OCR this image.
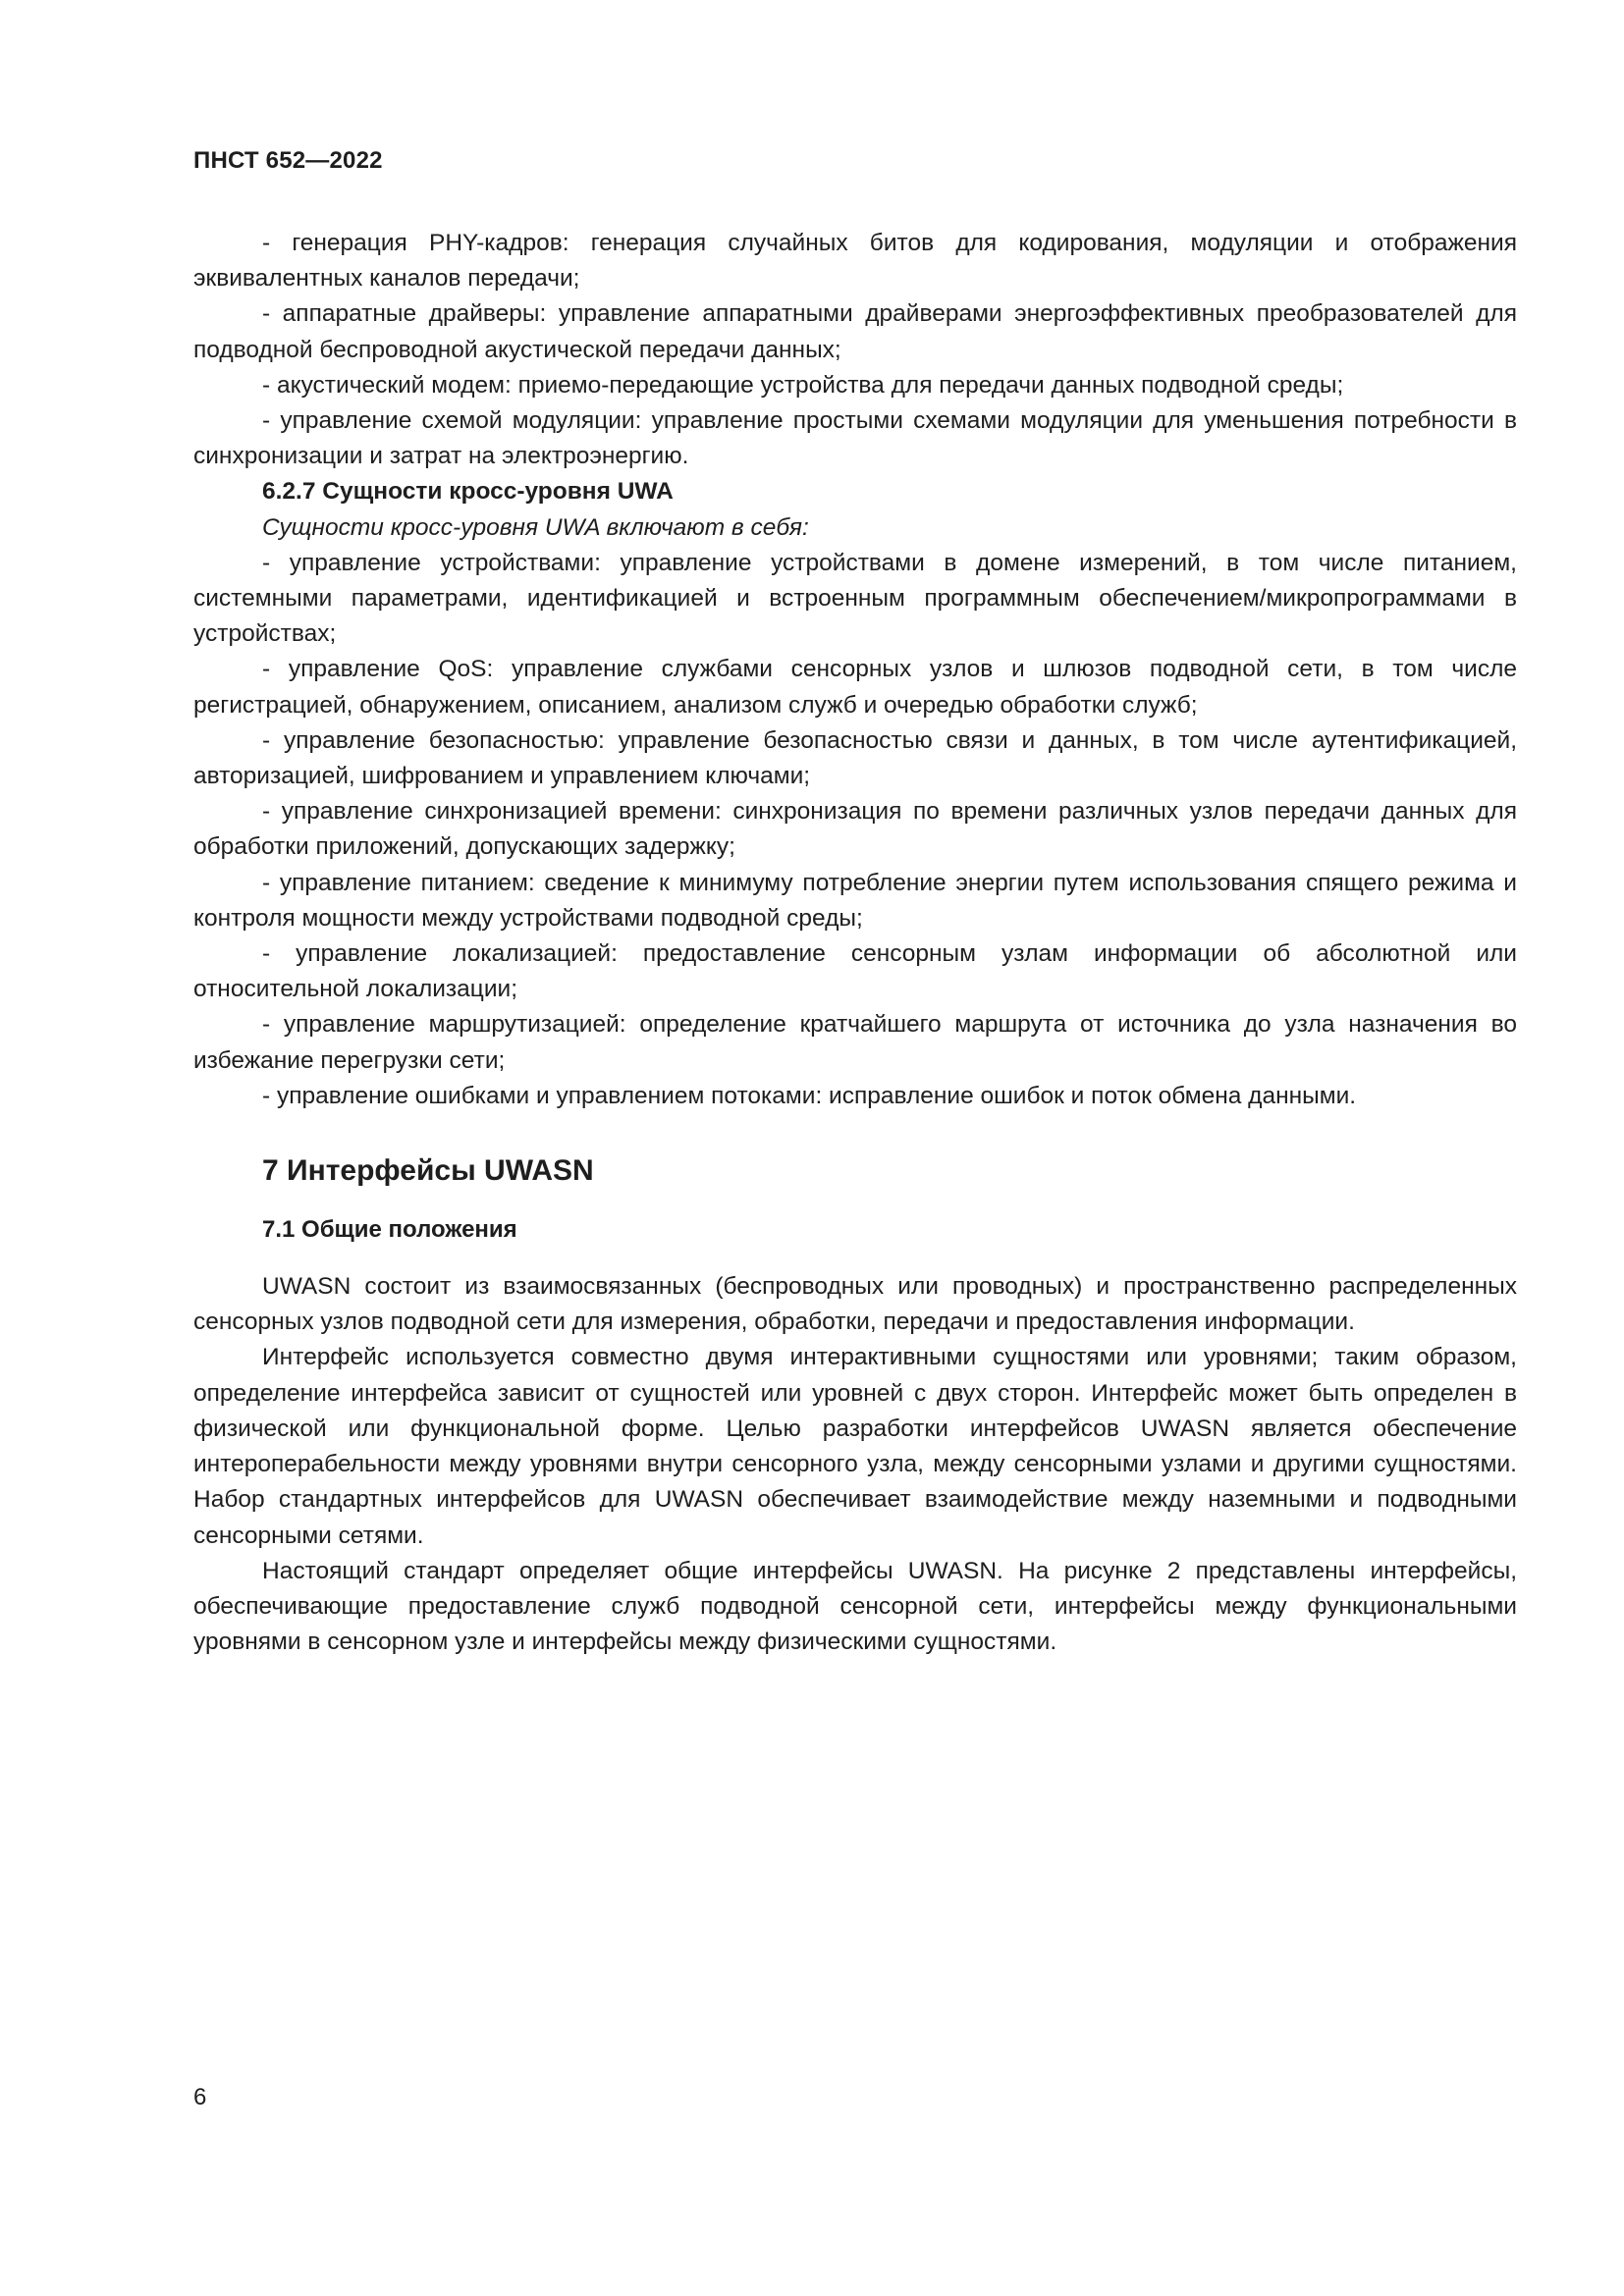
ПНСТ 652—2022

- генерация PHY-кадров: генерация случайных битов для кодирования, модуляции и отображения эквивалентных каналов передачи;

- аппаратные драйверы: управление аппаратными драйверами энергоэффективных преобразователей для подводной беспроводной акустической передачи данных;

- акустический модем: приемо-передающие устройства для передачи данных подводной среды;

- управление схемой модуляции: управление простыми схемами модуляции для уменьшения потребности в синхронизации и затрат на электроэнергию.

6.2.7 Сущности кросс-уровня UWA
Сущности кросс-уровня UWA включают в себя:

- управление устройствами: управление устройствами в домене измерений, в том числе питанием, системными параметрами, идентификацией и встроенным программным обеспечением/микропрограммами в устройствах;

- управление QoS: управление службами сенсорных узлов и шлюзов подводной сети, в том числе регистрацией, обнаружением, описанием, анализом служб и очередью обработки служб;

- управление безопасностью: управление безопасностью связи и данных, в том числе аутентификацией, авторизацией, шифрованием и управлением ключами;

- управление синхронизацией времени: синхронизация по времени различных узлов передачи данных для обработки приложений, допускающих задержку;

- управление питанием: сведение к минимуму потребление энергии путем использования спящего режима и контроля мощности между устройствами подводной среды;

- управление локализацией: предоставление сенсорным узлам информации об абсолютной или относительной локализации;

- управление маршрутизацией: определение кратчайшего маршрута от источника до узла назначения во избежание перегрузки сети;

- управление ошибками и управлением потоками: исправление ошибок и поток обмена данными.

7 Интерфейсы UWASN
7.1 Общие положения

UWASN состоит из взаимосвязанных (беспроводных или проводных) и пространственно распределенных сенсорных узлов подводной сети для измерения, обработки, передачи и предоставления информации.

Интерфейс используется совместно двумя интерактивными сущностями или уровнями; таким образом, определение интерфейса зависит от сущностей или уровней с двух сторон. Интерфейс может быть определен в физической или функциональной форме. Целью разработки интерфейсов UWASN является обеспечение интероперабельности между уровнями внутри сенсорного узла, между сенсорными узлами и другими сущностями. Набор стандартных интерфейсов для UWASN обеспечивает взаимодействие между наземными и подводными сенсорными сетями.

Настоящий стандарт определяет общие интерфейсы UWASN. На рисунке 2 представлены интерфейсы, обеспечивающие предоставление служб подводной сенсорной сети, интерфейсы между функциональными уровнями в сенсорном узле и интерфейсы между физическими сущностями.

6
